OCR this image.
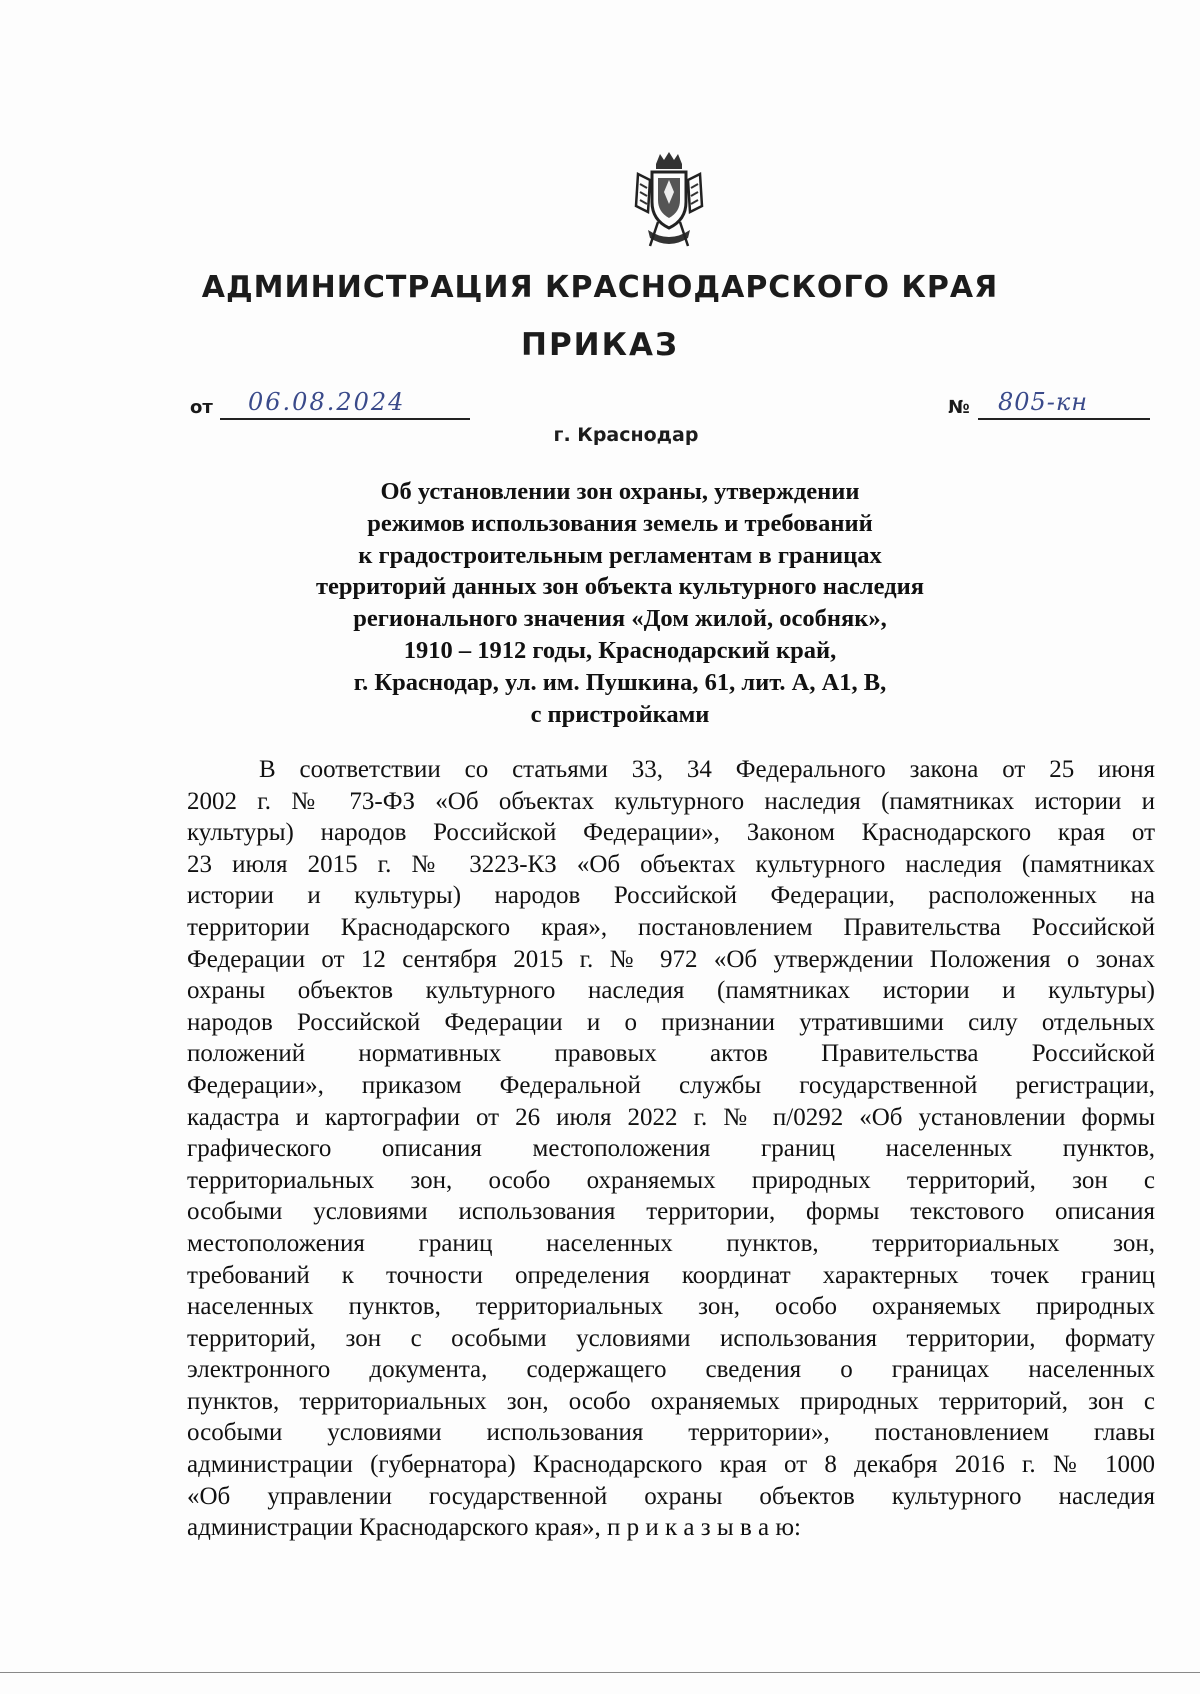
АДМИНИСТРАЦИЯ КРАСНОДАРСКОГО КРАЯ
ПРИКАЗ
от 06.08.2024	№ 805-кн
г. Краснодар
Об установлении зон охраны, утверждении
режимов использования земель и требований
к градостроительным регламентам в границах
территорий данных зон объекта культурного наследия
регионального значения «Дом жилой, особняк»,
1910 – 1912 годы, Краснодарский край,
г. Краснодар, ул. им. Пушкина, 61, лит. А, А1, В,
с пристройками
В соответствии со статьями 33, 34 Федерального закона от 25 июня
2002 г. № 73-ФЗ «Об объектах культурного наследия (памятниках истории и
культуры) народов Российской Федерации», Законом Краснодарского края от
23 июля 2015 г. № 3223-КЗ «Об объектах культурного наследия (памятниках
истории и культуры) народов Российской Федерации, расположенных на
территории Краснодарского края», постановлением Правительства Российской
Федерации от 12 сентября 2015 г. № 972 «Об утверждении Положения о зонах
охраны объектов культурного наследия (памятниках истории и культуры)
народов Российской Федерации и о признании утратившими силу отдельных
положений нормативных правовых актов Правительства Российской
Федерации», приказом Федеральной службы государственной регистрации,
кадастра и картографии от 26 июля 2022 г. № п/0292 «Об установлении формы
графического описания местоположения границ населенных пунктов,
территориальных зон, особо охраняемых природных территорий, зон с
особыми условиями использования территории, формы текстового описания
местоположения границ населенных пунктов, территориальных зон,
требований к точности определения координат характерных точек границ
населенных пунктов, территориальных зон, особо охраняемых природных
территорий, зон с особыми условиями использования территории, формату
электронного документа, содержащего сведения о границах населенных
пунктов, территориальных зон, особо охраняемых природных территорий, зон с
особыми условиями использования территории», постановлением главы
администрации (губернатора) Краснодарского края от 8 декабря 2016 г. № 1000
«Об управлении государственной охраны объектов культурного наследия
администрации Краснодарского края», п р и к а з ы в а ю:
